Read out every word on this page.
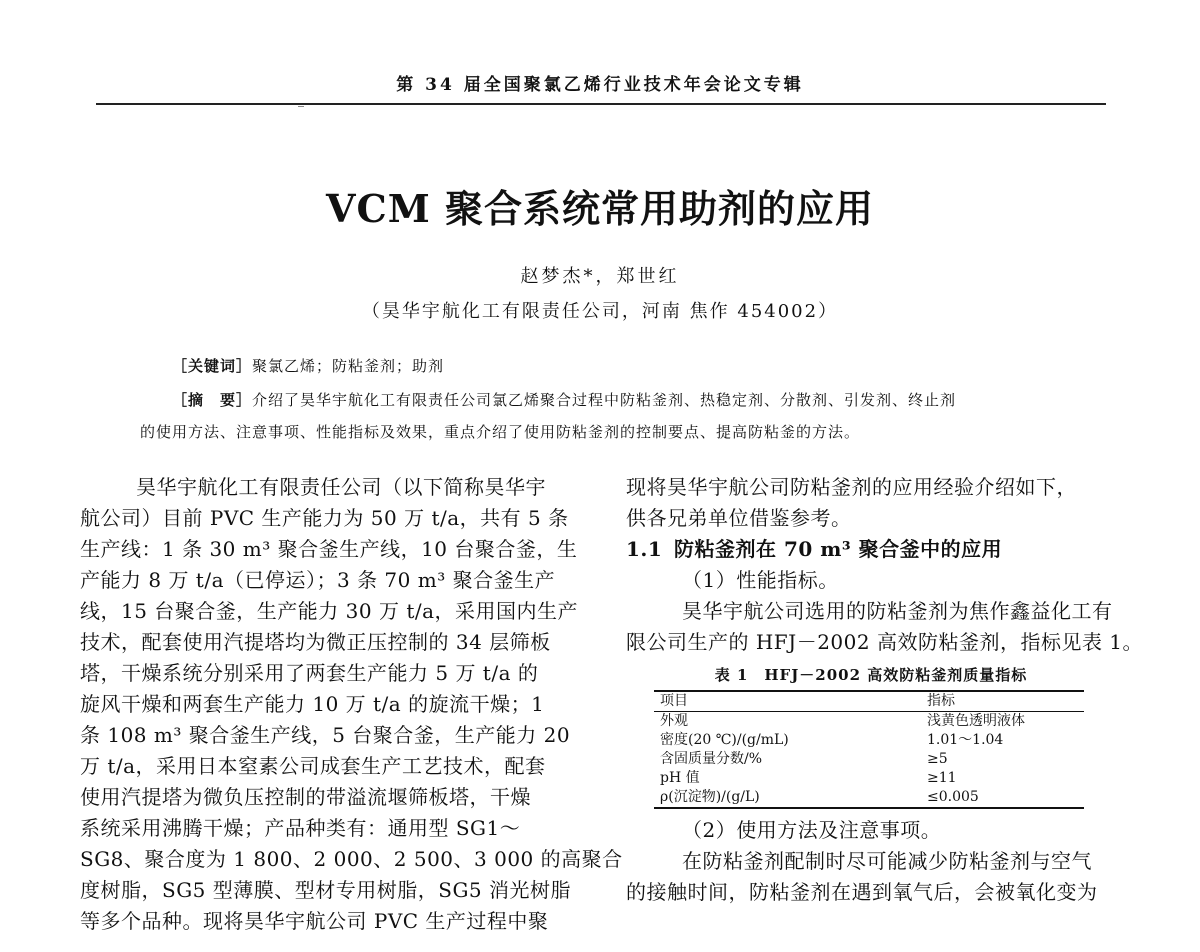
第 34 届全国聚氯乙烯行业技术年会论文专辑
VCM 聚合系统常用助剂的应用
赵梦杰*，郑世红
（昊华宇航化工有限责任公司，河南 焦作 454002）
［关键词］聚氯乙烯；防粘釜剂；助剂
［摘　要］介绍了昊华宇航化工有限责任公司氯乙烯聚合过程中防粘釜剂、热稳定剂、分散剂、引发剂、终止剂
的使用方法、注意事项、性能指标及效果，重点介绍了使用防粘釜剂的控制要点、提高防粘釜的方法。
昊华宇航化工有限责任公司（以下简称昊华宇
航公司）目前 PVC 生产能力为 50 万 t/a，共有 5 条
生产线：1 条 30 m³ 聚合釜生产线，10 台聚合釜，生
产能力 8 万 t/a（已停运）；3 条 70 m³ 聚合釜生产
线，15 台聚合釜，生产能力 30 万 t/a，采用国内生产
技术，配套使用汽提塔均为微正压控制的 34 层筛板
塔，干燥系统分别采用了两套生产能力 5 万 t/a 的
旋风干燥和两套生产能力 10 万 t/a 的旋流干燥；1
条 108 m³ 聚合釜生产线，5 台聚合釜，生产能力 20
万 t/a，采用日本窒素公司成套生产工艺技术，配套
使用汽提塔为微负压控制的带溢流堰筛板塔，干燥
系统采用沸腾干燥；产品种类有：通用型 SG1～
SG8、聚合度为 1 800、2 000、2 500、3 000 的高聚合
度树脂，SG5 型薄膜、型材专用树脂，SG5 消光树脂
等多个品种。现将昊华宇航公司 PVC 生产过程中聚
现将昊华宇航公司防粘釜剂的应用经验介绍如下，
供各兄弟单位借鉴参考。
1.1 防粘釜剂在 70 m³ 聚合釜中的应用
（1）性能指标。
昊华宇航公司选用的防粘釜剂为焦作鑫益化工有
限公司生产的 HFJ－2002 高效防粘釜剂，指标见表 1。
表 1　HFJ－2002 高效防粘釜剂质量指标
项目	指标
外观	浅黄色透明液体
密度(20 ℃)/(g/mL)	1.01～1.04
含固质量分数/%	≥5
pH 值	≥11
ρ(沉淀物)/(g/L)	≤0.005
（2）使用方法及注意事项。
在防粘釜剂配制时尽可能减少防粘釜剂与空气
的接触时间，防粘釜剂在遇到氧气后，会被氧化变为
